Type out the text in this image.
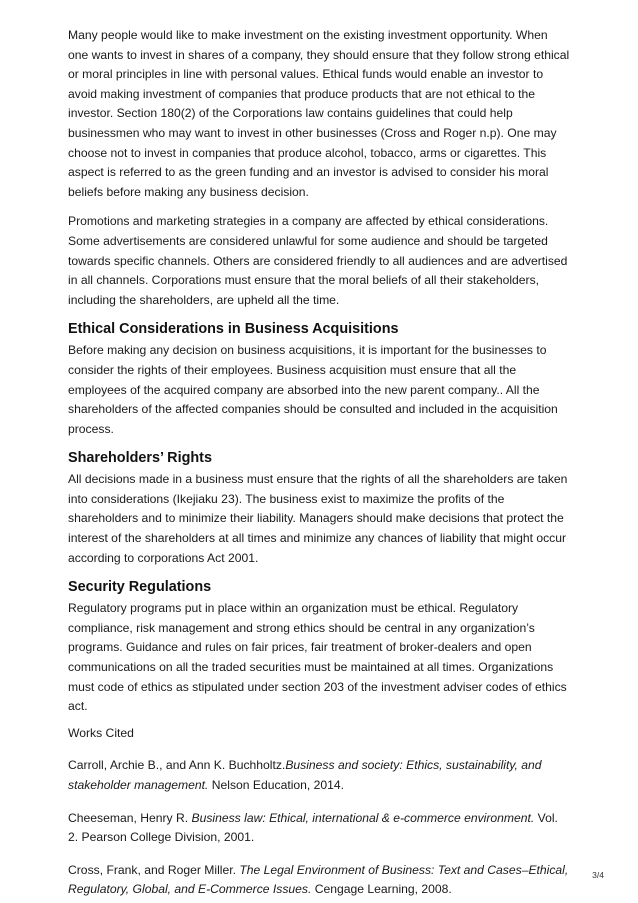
Many people would like to make investment on the existing investment opportunity. When one wants to invest in shares of a company, they should ensure that they follow strong ethical or moral principles in line with personal values. Ethical funds would enable an investor to avoid making investment of companies that produce products that are not ethical to the investor. Section 180(2) of the Corporations law contains guidelines that could help businessmen who may want to invest in other businesses (Cross and Roger n.p). One may choose not to invest in companies that produce alcohol, tobacco, arms or cigarettes. This aspect is referred to as the green funding and an investor is advised to consider his moral beliefs before making any business decision.

Promotions and marketing strategies in a company are affected by ethical considerations. Some advertisements are considered unlawful for some audience and should be targeted towards specific channels. Others are considered friendly to all audiences and are advertised in all channels. Corporations must ensure that the moral beliefs of all their stakeholders, including the shareholders, are upheld all the time.

Ethical Considerations in Business Acquisitions

Before making any decision on business acquisitions, it is important for the businesses to consider the rights of their employees. Business acquisition must ensure that all the employees of the acquired company are absorbed into the new parent company.. All the shareholders of the affected companies should be consulted and included in the acquisition process.

Shareholders’ Rights

All decisions made in a business must ensure that the rights of all the shareholders are taken into considerations (Ikejiaku 23). The business exist to maximize the profits of the shareholders and to minimize their liability. Managers should make decisions that protect the interest of the shareholders at all times and minimize any chances of liability that might occur according to corporations Act 2001.

Security Regulations

Regulatory programs put in place within an organization must be ethical. Regulatory compliance, risk management and strong ethics should be central in any organization’s programs. Guidance and rules on fair prices, fair treatment of broker-dealers and open communications on all the traded securities must be maintained at all times. Organizations must code of ethics as stipulated under section 203 of the investment adviser codes of ethics act.

Works Cited

Carroll, Archie B., and Ann K. Buchholtz.Business and society: Ethics, sustainability, and stakeholder management. Nelson Education, 2014.

Cheeseman, Henry R. Business law: Ethical, international & e-commerce environment. Vol. 2. Pearson College Division, 2001.

Cross, Frank, and Roger Miller. The Legal Environment of Business: Text and Cases–Ethical, Regulatory, Global, and E-Commerce Issues. Cengage Learning, 2008.

3/4
